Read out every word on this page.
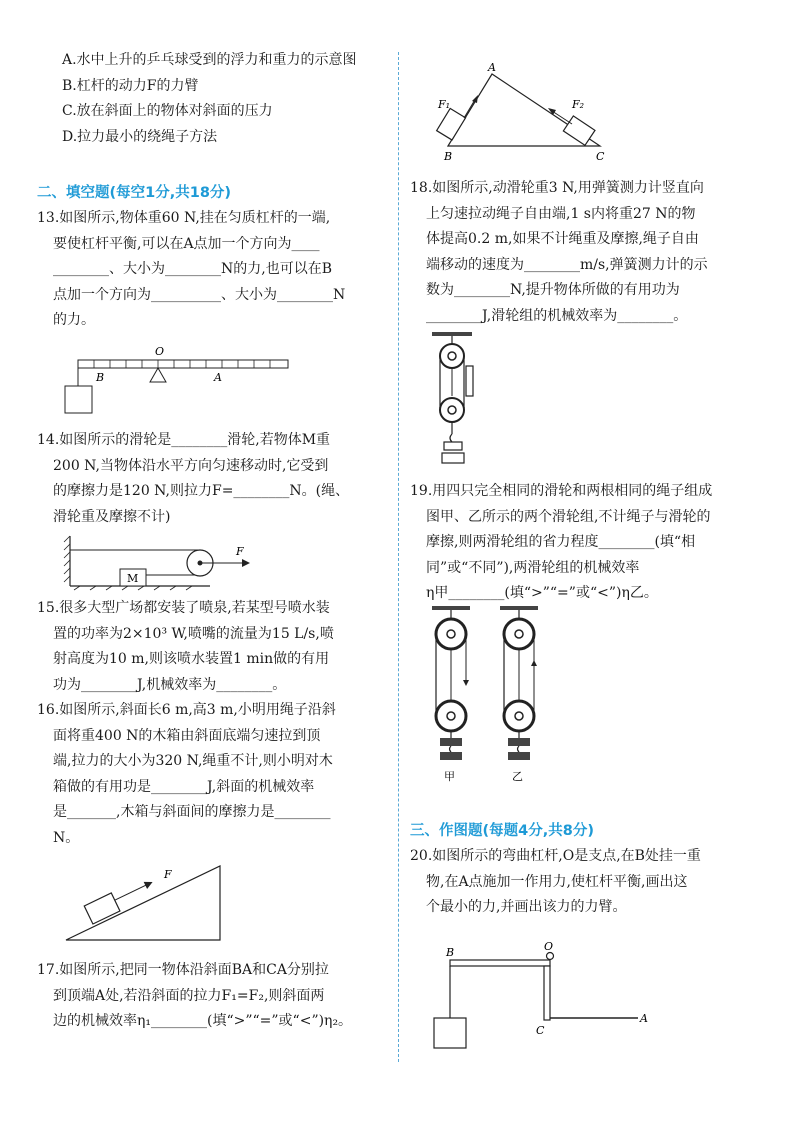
A.水中上升的乒乓球受到的浮力和重力的示意图

B.杠杆的动力F的力臂

C.放在斜面上的物体对斜面的压力

D.拉力最小的绕绳子方法

二、填空题(每空1分,共18分)

13.如图所示,物体重60 N,挂在匀质杠杆的一端,

要使杠杆平衡,可以在A点加一个方向为____

________、大小为________N的力,也可以在B

点加一个方向为__________、大小为________N

的力。

O
B	A

14.如图所示的滑轮是________滑轮,若物体M重

200 N,当物体沿水平方向匀速移动时,它受到

的摩擦力是120 N,则拉力F=________N。(绳、

滑轮重及摩擦不计)

M
F

15.很多大型广场都安装了喷泉,若某型号喷水装

置的功率为2×10³ W,喷嘴的流量为15 L/s,喷

射高度为10 m,则该喷水装置1 min做的有用

功为________J,机械效率为________。

16.如图所示,斜面长6 m,高3 m,小明用绳子沿斜

面将重400 N的木箱由斜面底端匀速拉到顶

端,拉力的大小为320 N,绳重不计,则小明对木

箱做的有用功是________J,斜面的机械效率

是_______,木箱与斜面间的摩擦力是________

N。

F

17.如图所示,把同一物体沿斜面BA和CA分别拉

到顶端A处,若沿斜面的拉力F₁=F₂,则斜面两

边的机械效率η₁________(填“>”“=”或“<”)η₂。

A
B	C
F₁	F₂

18.如图所示,动滑轮重3 N,用弹簧测力计竖直向

上匀速拉动绳子自由端,1 s内将重27 N的物

体提高0.2 m,如果不计绳重及摩擦,绳子自由

端移动的速度为________m/s,弹簧测力计的示

数为________N,提升物体所做的有用功为

________J,滑轮组的机械效率为________。

19.用四只完全相同的滑轮和两根相同的绳子组成

图甲、乙所示的两个滑轮组,不计绳子与滑轮的

摩擦,则两滑轮组的省力程度________(填“相

同”或“不同”),两滑轮组的机械效率

η甲________(填“>”“=”或“<”)η乙。

甲	乙

三、作图题(每题4分,共8分)

20.如图所示的弯曲杠杆,O是支点,在B处挂一重

物,在A点施加一作用力,使杠杆平衡,画出这

个最小的力,并画出该力的力臂。

B	O
C
A
